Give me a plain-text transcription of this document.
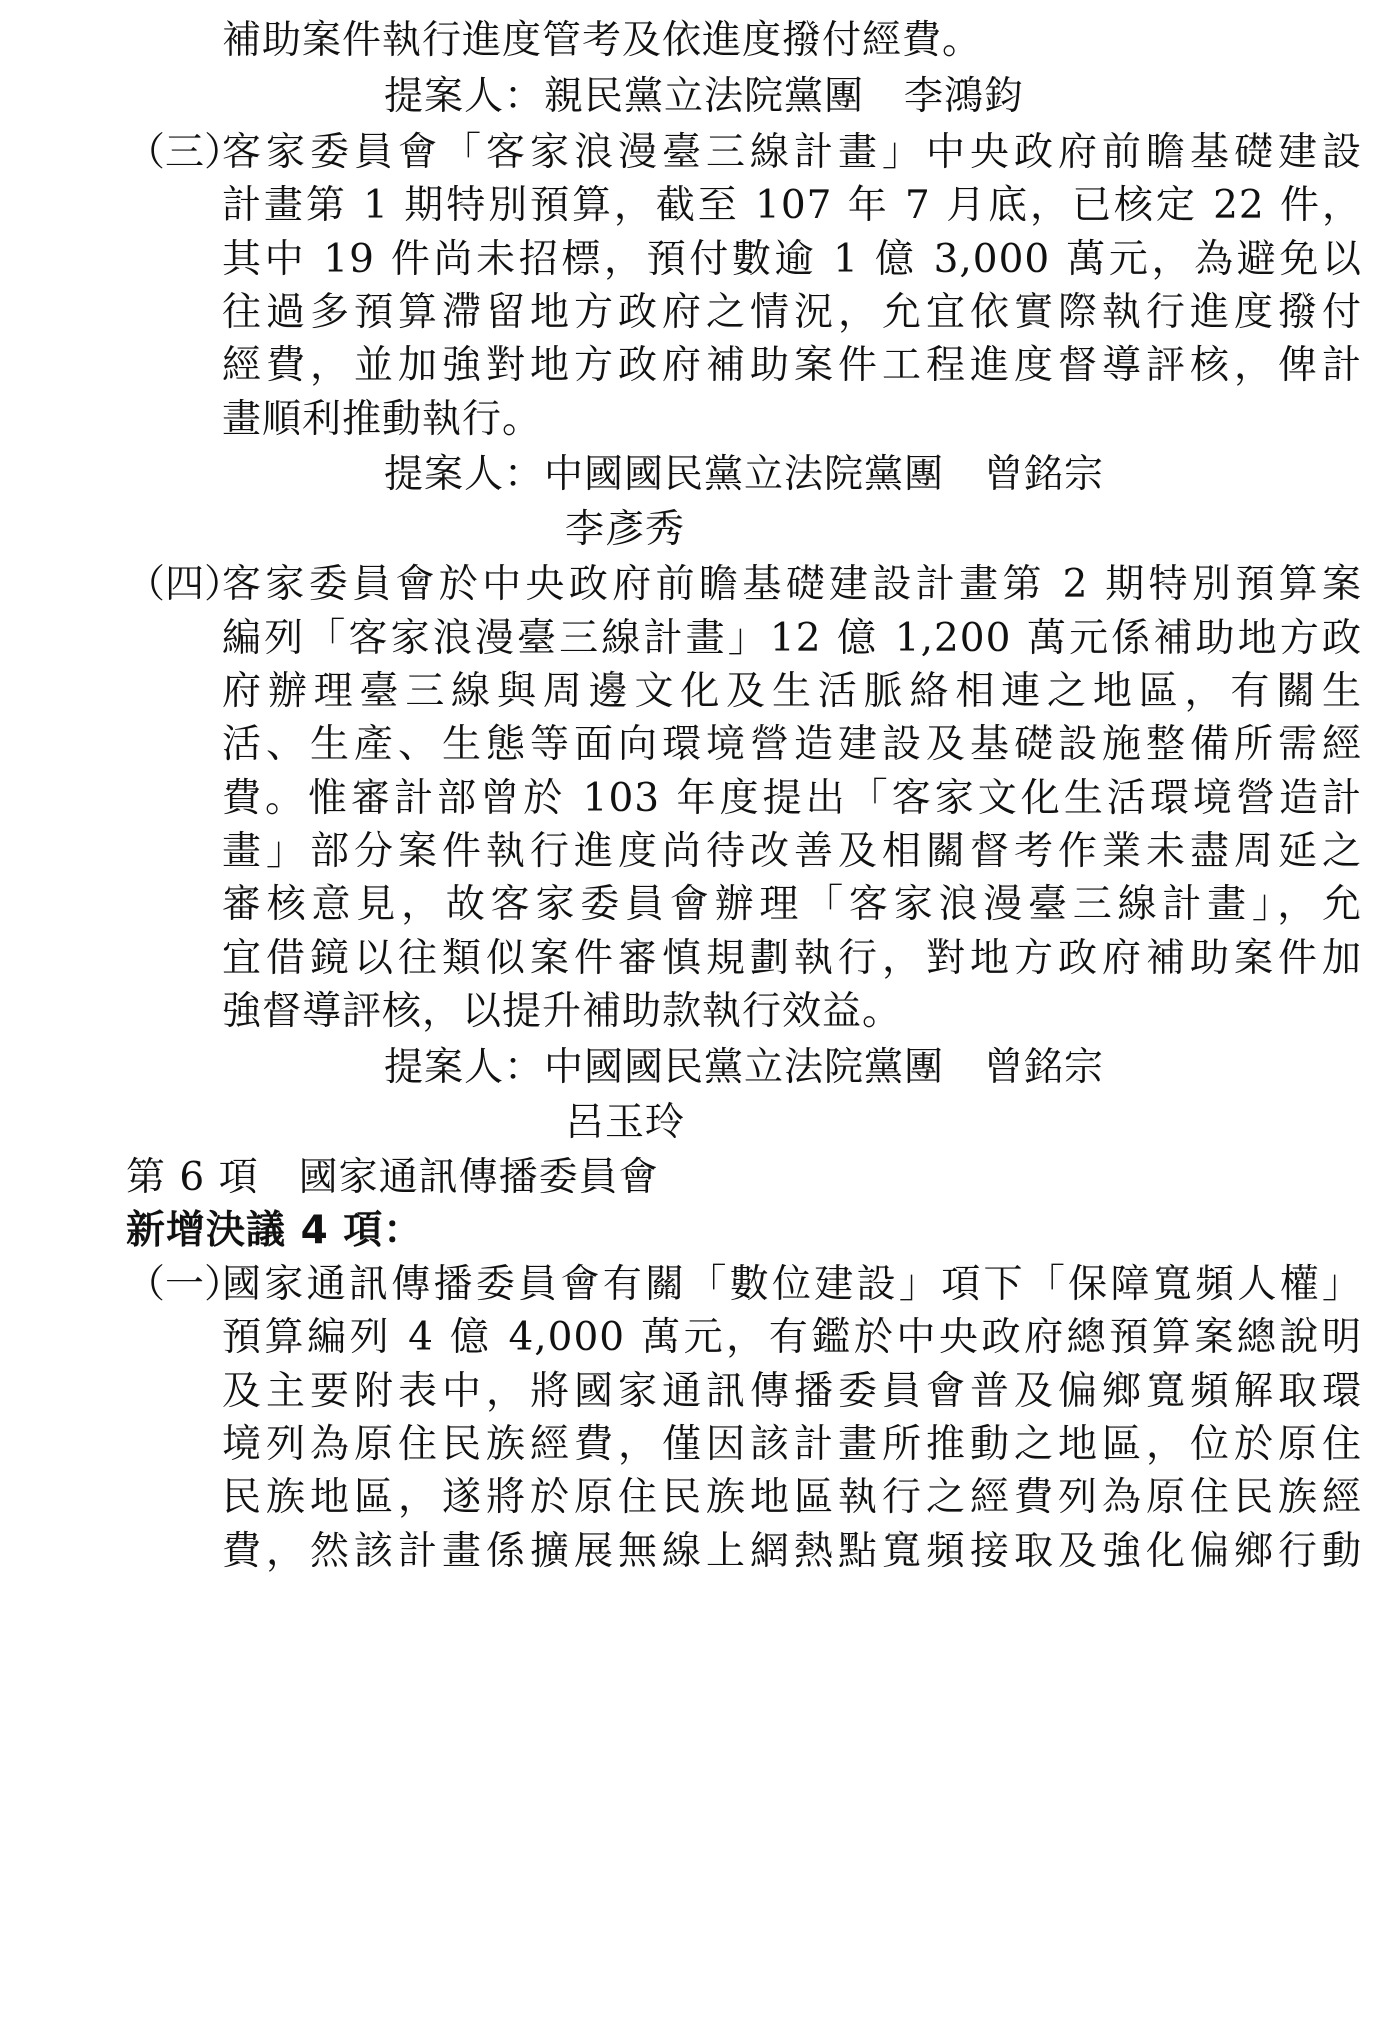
補助案件執行進度管考及依進度撥付經費。
提案人：親民黨立法院黨團 李鴻鈞
（三）
客家委員會「客家浪漫臺三線計畫」中央政府前瞻基礎建設
計畫第 1 期特別預算，截至 107 年 7 月底，已核定 22 件，
其中 19 件尚未招標，預付數逾 1 億 3,000 萬元，為避免以
往過多預算滯留地方政府之情況，允宜依實際執行進度撥付
經費，並加強對地方政府補助案件工程進度督導評核，俾計
畫順利推動執行。
提案人：中國國民黨立法院黨團 曾銘宗
李彥秀
（四）
客家委員會於中央政府前瞻基礎建設計畫第 2 期特別預算案
編列「客家浪漫臺三線計畫」12 億 1,200 萬元係補助地方政
府辦理臺三線與周邊文化及生活脈絡相連之地區，有關生
活、生產、生態等面向環境營造建設及基礎設施整備所需經
費。惟審計部曾於 103 年度提出「客家文化生活環境營造計
畫」部分案件執行進度尚待改善及相關督考作業未盡周延之
審核意見，故客家委員會辦理「客家浪漫臺三線計畫」，允
宜借鏡以往類似案件審慎規劃執行，對地方政府補助案件加
強督導評核，以提升補助款執行效益。
提案人：中國國民黨立法院黨團 曾銘宗
呂玉玲
第 6 項　國家通訊傳播委員會
新增決議 4 項：
（一）
國家通訊傳播委員會有關「數位建設」項下「保障寬頻人權」
預算編列 4 億 4,000 萬元，有鑑於中央政府總預算案總說明
及主要附表中，將國家通訊傳播委員會普及偏鄉寬頻解取環
境列為原住民族經費，僅因該計畫所推動之地區，位於原住
民族地區，遂將於原住民族地區執行之經費列為原住民族經
費，然該計畫係擴展無線上網熱點寬頻接取及強化偏鄉行動
